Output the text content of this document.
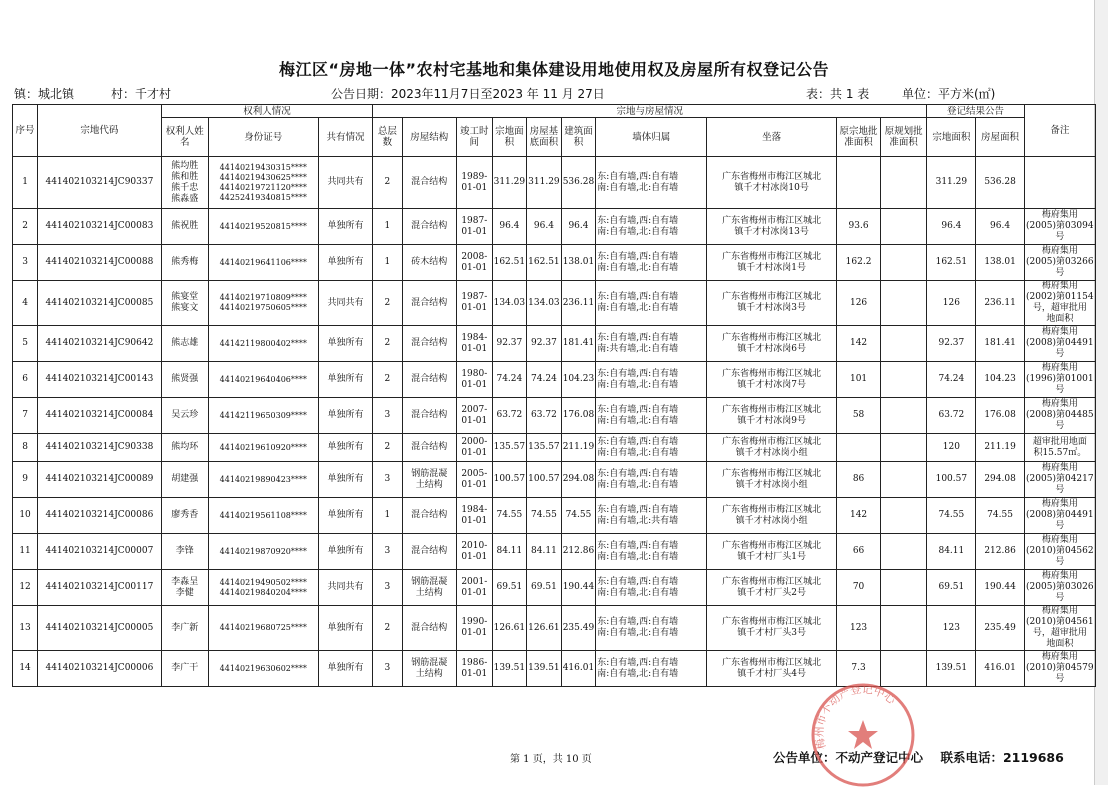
梅江区“房地一体”农村宅基地和集体建设用地使用权及房屋所有权登记公告
镇：城北镇	村：千才村	公告日期：2023年11月7日至2023 年 11 月 27日	表：共 1 表	单位：平方米(㎡)
序号	宗地代码	权利人情况			宗地与房屋情况										登记结果公告		备注
		权利人姓名	身份证号	共有情况	总层数	房屋结构	竣工时间	宗地面积	房屋基底面积	建筑面积	墙体归属	坐落	原宗地批准面积	原规划批准面积	宗地面积	房屋面积	
1	441402103214JC90337	熊均胜
熊和胜
熊千忠
熊淼盛	44140219430315****
44140219430625****
44140219721120****
44252419340815****	共同共有	2	混合结构	1989-
01-01	311.29	311.29	536.28	东:自有墙,西:自有墙
南:自有墙,北:自有墙	广东省梅州市梅江区城北
镇千才村冰岗10号			311.29	536.28	
2	441402103214JC00083	熊祝胜	44140219520815****	单独所有	1	混合结构	1987-
01-01	96.4	96.4	96.4	东:自有墙,西:自有墙
南:自有墙,北:自有墙	广东省梅州市梅江区城北
镇千才村冰岗13号	93.6		96.4	96.4	梅府集用
(2005)第03094
号
3	441402103214JC00088	熊秀梅	44140219641106****	单独所有	1	砖木结构	2008-
01-01	162.51	162.51	138.01	东:自有墙,西:自有墙
南:自有墙,北:自有墙	广东省梅州市梅江区城北
镇千才村冰岗1号	162.2		162.51	138.01	梅府集用
(2005)第03266
号
4	441402103214JC00085	熊宴堂
熊宴文	44140219710809****
44140219750605****	共同共有	2	混合结构	1987-
01-01	134.03	134.03	236.11	东:自有墙,西:自有墙
南:自有墙,北:自有墙	广东省梅州市梅江区城北
镇千才村冰岗3号	126		126	236.11	梅府集用
(2002)第01154
号，超审批用
地面积
5	441402103214JC90642	熊志雄	44142119800402****	单独所有	2	混合结构	1984-
01-01	92.37	92.37	181.41	东:自有墙,西:自有墙
南:共有墙,北:自有墙	广东省梅州市梅江区城北
镇千才村冰岗6号	142		92.37	181.41	梅府集用
(2008)第04491
号
6	441402103214JC00143	熊贤强	44140219640406****	单独所有	2	混合结构	1980-
01-01	74.24	74.24	104.23	东:自有墙,西:自有墙
南:自有墙,北:自有墙	广东省梅州市梅江区城北
镇千才村冰岗7号	101		74.24	104.23	梅府集用
(1996)第01001
号
7	441402103214JC00084	吴云珍	44142119650309****	单独所有	3	混合结构	2007-
01-01	63.72	63.72	176.08	东:自有墙,西:自有墙
南:自有墙,北:自有墙	广东省梅州市梅江区城北
镇千才村冰岗9号	58		63.72	176.08	梅府集用
(2008)第04485
号
8	441402103214JC90338	熊均环	44140219610920****	单独所有	2	混合结构	2000-
01-01	135.57	135.57	211.19	东:自有墙,西:自有墙
南:自有墙,北:自有墙	广东省梅州市梅江区城北
镇千才村冰岗小组			120	211.19	超审批用地面
积15.57㎡。
9	441402103214JC00089	胡建强	44140219890423****	单独所有	3	钢筋混凝
土结构	2005-
01-01	100.57	100.57	294.08	东:自有墙,西:自有墙
南:自有墙,北:自有墙	广东省梅州市梅江区城北
镇千才村冰岗小组	86		100.57	294.08	梅府集用
(2005)第04217
号
10	441402103214JC00086	廖秀香	44140219561108****	单独所有	1	混合结构	1984-
01-01	74.55	74.55	74.55	东:自有墙,西:自有墙
南:自有墙,北:共有墙	广东省梅州市梅江区城北
镇千才村冰岗小组	142		74.55	74.55	梅府集用
(2008)第04491
号
11	441402103214JC00007	李锋	44140219870920****	单独所有	3	混合结构	2010-
01-01	84.11	84.11	212.86	东:自有墙,西:自有墙
南:自有墙,北:自有墙	广东省梅州市梅江区城北
镇千才村厂头1号	66		84.11	212.86	梅府集用
(2010)第04562
号
12	441402103214JC00117	李淼呈
李健	44140219490502****
44140219840204****	共同共有	3	钢筋混凝
土结构	2001-
01-01	69.51	69.51	190.44	东:自有墙,西:自有墙
南:自有墙,北:自有墙	广东省梅州市梅江区城北
镇千才村厂头2号	70		69.51	190.44	梅府集用
(2005)第03026
号
13	441402103214JC00005	李广新	44140219680725****	单独所有	2	混合结构	1990-
01-01	126.61	126.61	235.49	东:自有墙,西:自有墙
南:自有墙,北:自有墙	广东省梅州市梅江区城北
镇千才村厂头3号	123		123	235.49	梅府集用
(2010)第04561
号，超审批用
地面积
14	441402103214JC00006	李广干	44140219630602****	单独所有	3	钢筋混凝
土结构	1986-
01-01	139.51	139.51	416.01	东:自有墙,西:自有墙
南:自有墙,北:自有墙	广东省梅州市梅江区城北
镇千才村厂头4号	7.3		139.51	416.01	梅府集用
(2010)第04579
号
第 1 页，共 10 页	公告单位：不动产登记中心 联系电话：2119686
梅州市不动产登记中心
